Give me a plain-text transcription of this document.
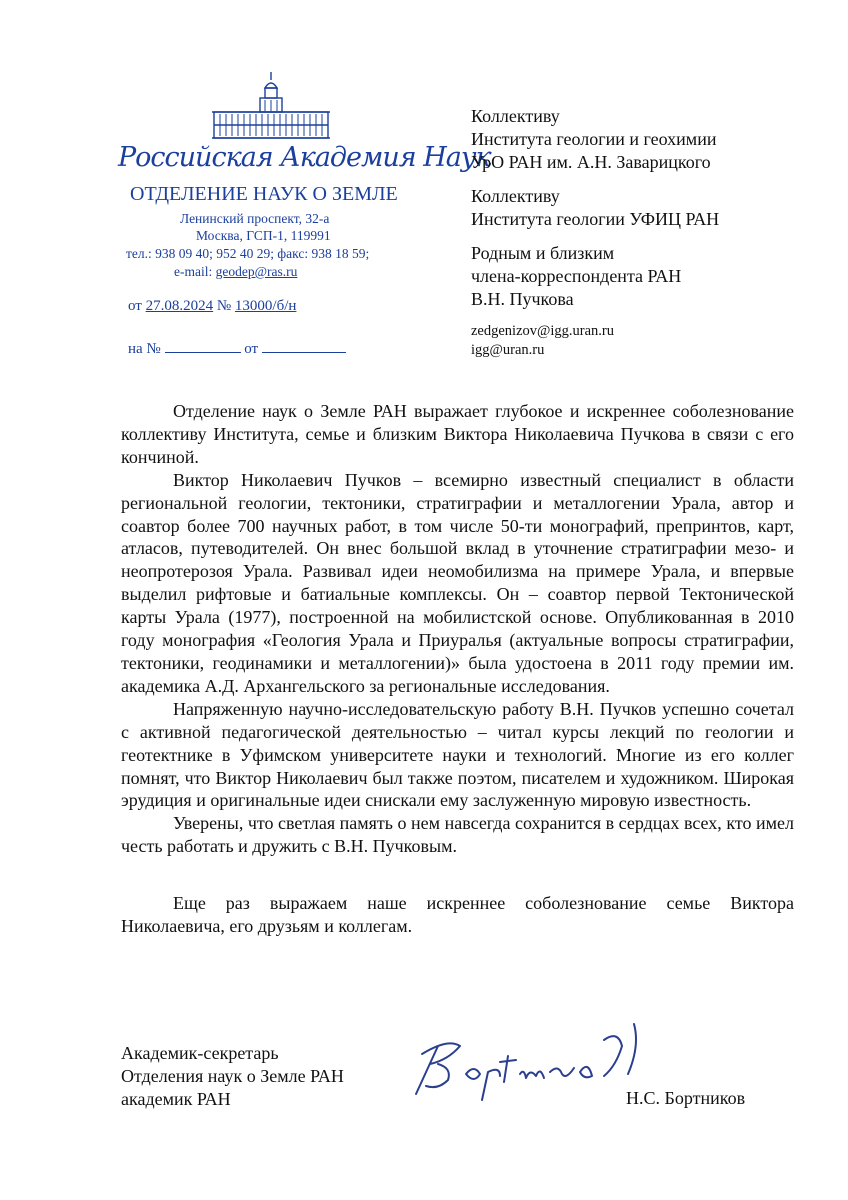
Российская Академия Наук
ОТДЕЛЕНИЕ НАУК О ЗЕМЛЕ
Ленинский проспект, 32-а
Москва, ГСП-1, 119991
тел.: 938 09 40; 952 40 29; факс: 938 18 59;
e-mail: geodep@ras.ru
от 27.08.2024 № 13000/б/н
на №	от
Коллективу
Института геологии и геохимии
УрО РАН им. А.Н. Заварицкого
Коллективу
Института геологии УФИЦ РАН
Родным и близким
члена-корреспондента РАН
В.Н. Пучкова
zedgenizov@igg.uran.ru
igg@uran.ru

Отделение наук о Земле РАН выражает глубокое и искреннее соболезнование коллективу Института, семье и близким Виктора Николаевича Пучкова в связи с его кончиной.

Виктор Николаевич Пучков – всемирно известный специалист в области региональной геологии, тектоники, стратиграфии и металлогении Урала, автор и соавтор более 700 научных работ, в том числе 50-ти монографий, препринтов, карт, атласов, путеводителей. Он внес большой вклад в уточнение стратиграфии мезо- и неопротерозоя Урала. Развивал идеи неомобилизма на примере Урала, и впервые выделил рифтовые и батиальные комплексы. Он – соавтор первой Тектонической карты Урала (1977), построенной на мобилистской основе. Опубликованная в 2010 году монография «Геология Урала и Приуралья (актуальные вопросы стратиграфии, тектоники, геодинамики и металлогении)» была удостоена в 2011 году премии им. академика А.Д. Архангельского за региональные исследования.

Напряженную научно-исследовательскую работу В.Н. Пучков успешно сочетал с активной педагогической деятельностью – читал курсы лекций по геологии и геотектнике в Уфимском университете науки и технологий. Многие из его коллег помнят, что Виктор Николаевич был также поэтом, писателем и художником. Широкая эрудиция и оригинальные идеи снискали ему заслуженную мировую известность.

Уверены, что светлая память о нем навсегда сохранится в сердцах всех, кто имел честь работать и дружить с В.Н. Пучковым.

Еще раз выражаем наше искреннее соболезнование семье Виктора Николаевича, его друзьям и коллегам.

Академик-секретарь
Отделения наук о Земле РАН
академик РАН	Н.С. Бортников
